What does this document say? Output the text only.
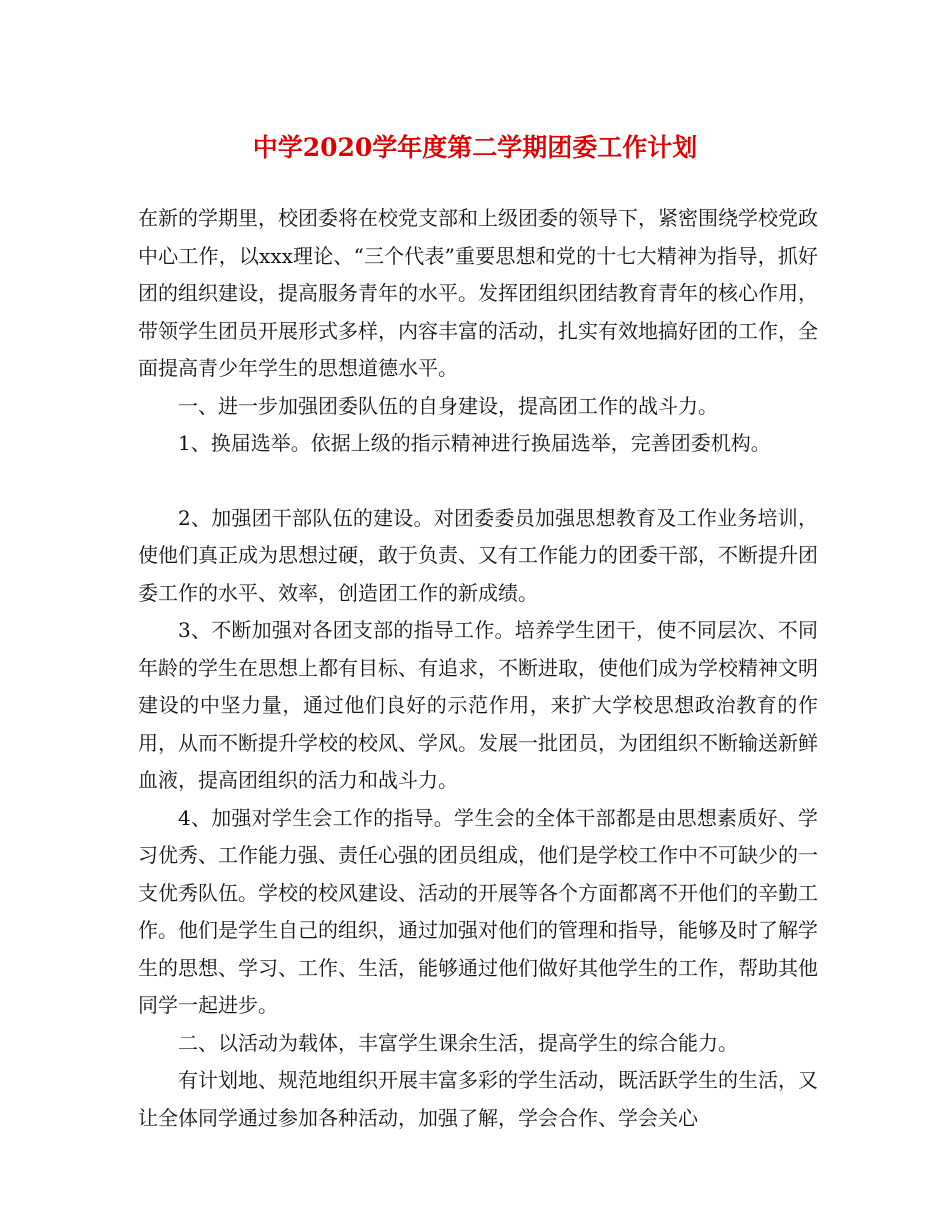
中学2020学年度第二学期团委工作计划

在新的学期里，校团委将在校党支部和上级团委的领导下，紧密围绕学校党政中心工作，以xxx理论、“三个代表”重要思想和党的十七大精神为指导，抓好团的组织建设，提高服务青年的水平。发挥团组织团结教育青年的核心作用，带领学生团员开展形式多样，内容丰富的活动，扎实有效地搞好团的工作，全面提高青少年学生的思想道德水平。

一、进一步加强团委队伍的自身建设，提高团工作的战斗力。

1、换届选举。依据上级的指示精神进行换届选举，完善团委机构。

2、加强团干部队伍的建设。对团委委员加强思想教育及工作业务培训，使他们真正成为思想过硬，敢于负责、又有工作能力的团委干部，不断提升团委工作的水平、效率，创造团工作的新成绩。

3、不断加强对各团支部的指导工作。培养学生团干，使不同层次、不同年龄的学生在思想上都有目标、有追求，不断进取，使他们成为学校精神文明建设的中坚力量，通过他们良好的示范作用，来扩大学校思想政治教育的作用，从而不断提升学校的校风、学风。发展一批团员，为团组织不断输送新鲜血液，提高团组织的活力和战斗力。

4、加强对学生会工作的指导。学生会的全体干部都是由思想素质好、学习优秀、工作能力强、责任心强的团员组成，他们是学校工作中不可缺少的一支优秀队伍。学校的校风建设、活动的开展等各个方面都离不开他们的辛勤工作。他们是学生自己的组织，通过加强对他们的管理和指导，能够及时了解学生的思想、学习、工作、生活，能够通过他们做好其他学生的工作，帮助其他同学一起进步。

二、以活动为载体，丰富学生课余生活，提高学生的综合能力。

有计划地、规范地组织开展丰富多彩的学生活动，既活跃学生的生活，又让全体同学通过参加各种活动，加强了解，学会合作、学会关心
